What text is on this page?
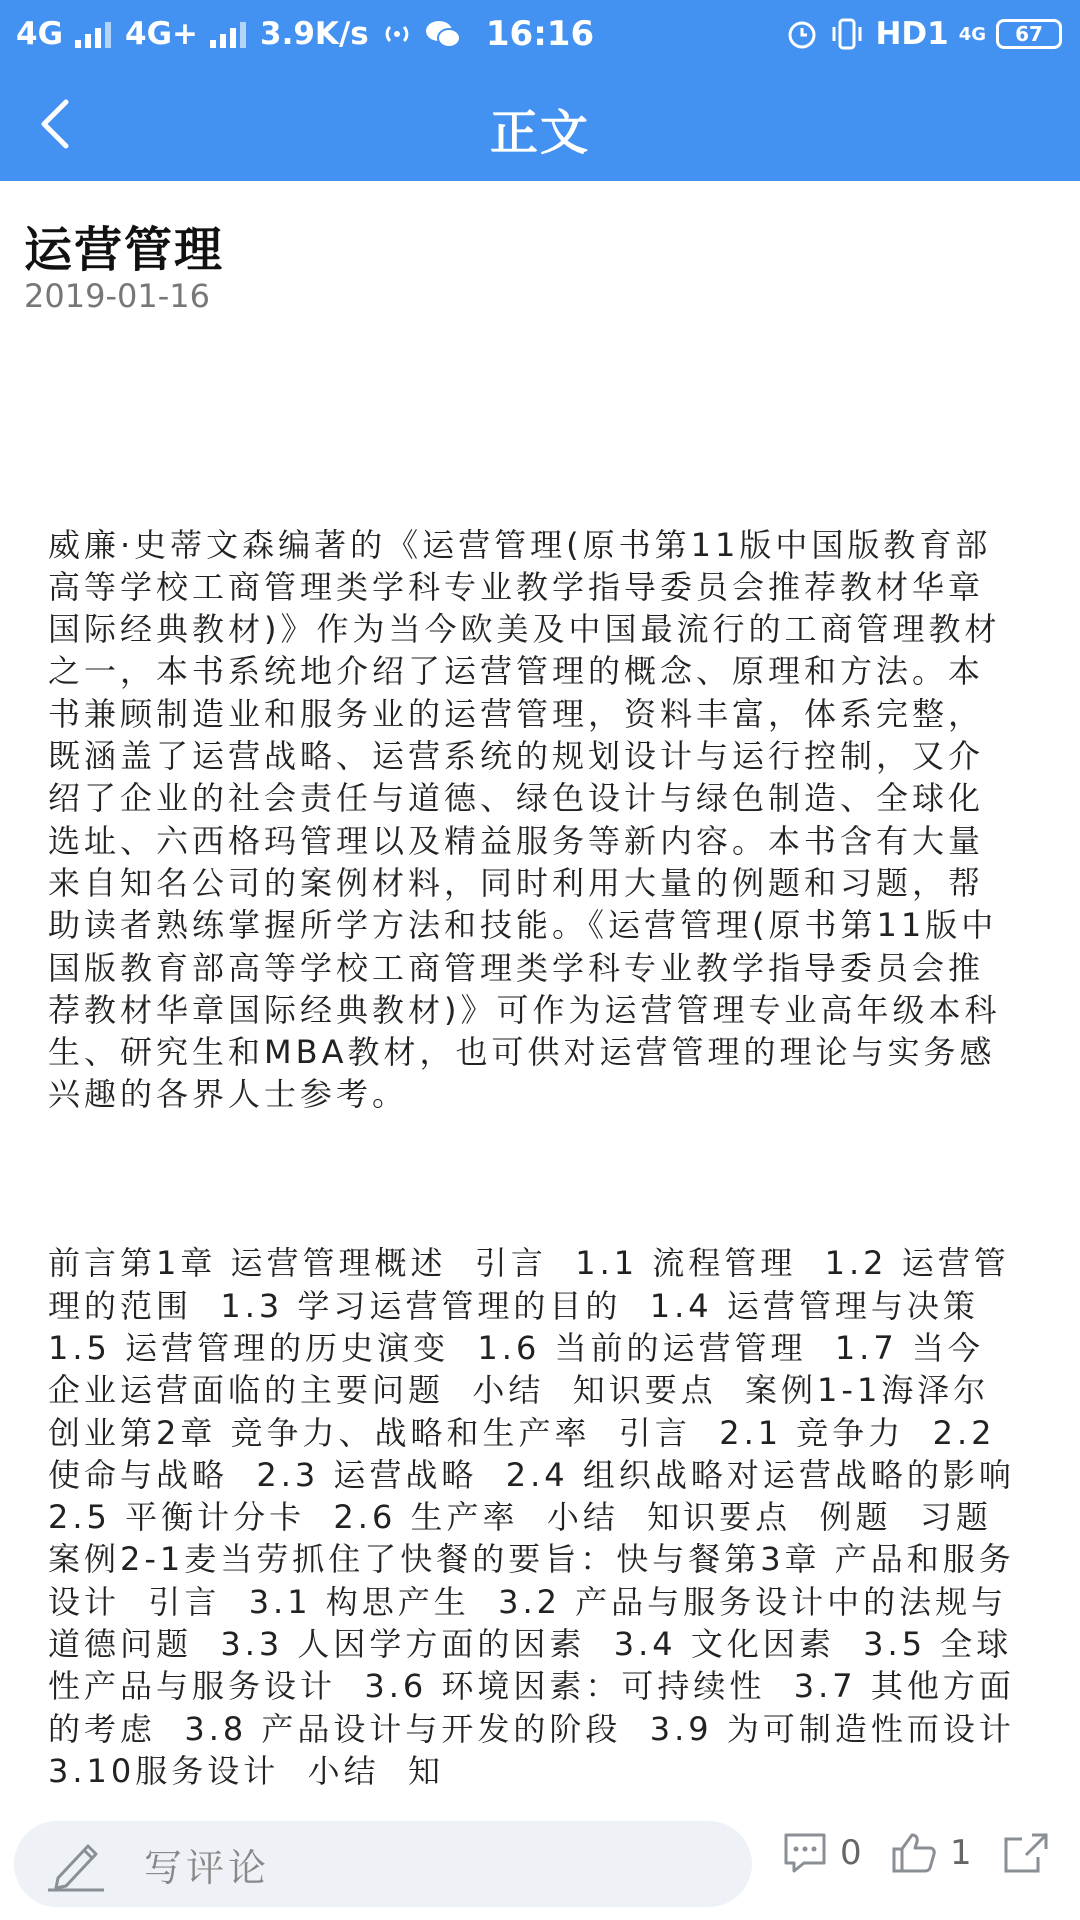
4G 4G+ 3.9K/s	16:16	HD1 4G 67
正文
运营管理
2019-01-16

威廉·史蒂文森编著的《运营管理(原书第11版中国版教育部高等学校工商管理类学科专业教学指导委员会推荐教材华章国际经典教材)》作为当今欧美及中国最流行的工商管理教材之一，本书系统地介绍了运营管理的概念、原理和方法。本书兼顾制造业和服务业的运营管理，资料丰富，体系完整，既涵盖了运营战略、运营系统的规划设计与运行控制，又介绍了企业的社会责任与道德、绿色设计与绿色制造、全球化选址、六西格玛管理以及精益服务等新内容。本书含有大量来自知名公司的案例材料，同时利用大量的例题和习题，帮助读者熟练掌握所学方法和技能。《运营管理(原书第11版中国版教育部高等学校工商管理类学科专业教学指导委员会推荐教材华章国际经典教材)》可作为运营管理专业高年级本科生、研究生和MBA教材，也可供对运营管理的理论与实务感兴趣的各界人士参考。

前言第1章 运营管理概述  引言  1.1 流程管理  1.2 运营管理的范围  1.3 学习运营管理的目的  1.4 运营管理与决策  1.5 运营管理的历史演变  1.6 当前的运营管理  1.7 当今企业运营面临的主要问题  小结  知识要点  案例1-1海泽尔创业第2章 竞争力、战略和生产率  引言  2.1 竞争力  2.2 使命与战略  2.3 运营战略  2.4 组织战略对运营战略的影响  2.5 平衡计分卡  2.6 生产率  小结  知识要点  例题  习题  案例2-1麦当劳抓住了快餐的要旨：快与餐第3章 产品和服务设计  引言  3.1 构思产生  3.2 产品与服务设计中的法规与道德问题  3.3 人因学方面的因素  3.4 文化因素  3.5 全球性产品与服务设计  3.6 环境因素：可持续性  3.7 其他方面的考虑  3.8 产品设计与开发的阶段  3.9 为可制造性而设计  3.10服务设计  小结  知

写评论	0	1
